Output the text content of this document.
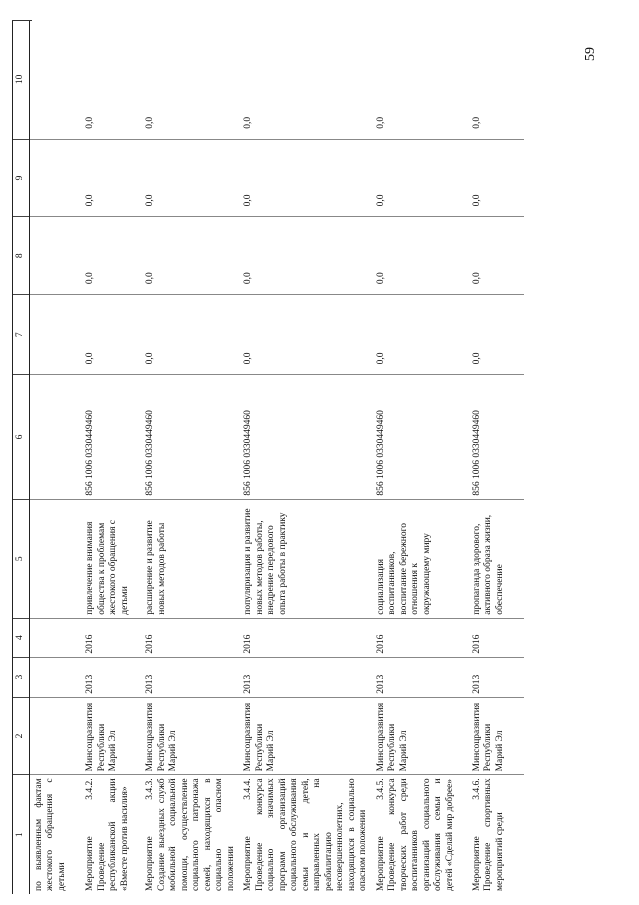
59
1	2	3	4	5	6	7	8	9	10
по выявленным фактам жестокого обращения с детьми									
Мероприятие 3.4.2. Проведение республиканской акции «Вместе против насилия»	Минсоцразвития Республики Марий Эл	2013	2016	привлечение внимания общества к проблемам жестокого обращения с детьми	856 1006 0330449460	0,0	0,0	0,0	0,0
Мероприятие 3.4.3. Создание выездных служб мобильной социальной помощи, осуществление социального патронажа семей, находящихся в социально опасном положении	Минсоцразвития Республики Марий Эл	2013	2016	расширение и развитие новых методов работы	856 1006 0330449460	0,0	0,0	0,0	0,0
Мероприятие 3.4.4. Проведение конкурса социально значимых программ организаций социального обслуживания семьи и детей, направленных на реабилитацию несовершеннолетних, находящихся в социально опасном положении	Минсоцразвития Республики Марий Эл	2013	2016	популяризация и развитие новых методов работы, внедрение передового опыта работы в практику	856 1006 0330449460	0,0	0,0	0,0	0,0
Мероприятие 3.4.5. Проведение конкурса творческих работ среди воспитанников организаций социального обслуживания семьи и детей «Сделай мир добрее»	Минсоцразвития Республики Марий Эл	2013	2016	социализация воспитанников, воспитание бережного отношения к окружающему миру	856 1006 0330449460	0,0	0,0	0,0	0,0
Мероприятие 3.4.6. Проведение спортивных мероприятий среди	Минсоцразвития Республики Марий Эл	2013	2016	пропаганда здорового, активного образа жизни, обеспечение	856 1006 0330449460	0,0	0,0	0,0	0,0
